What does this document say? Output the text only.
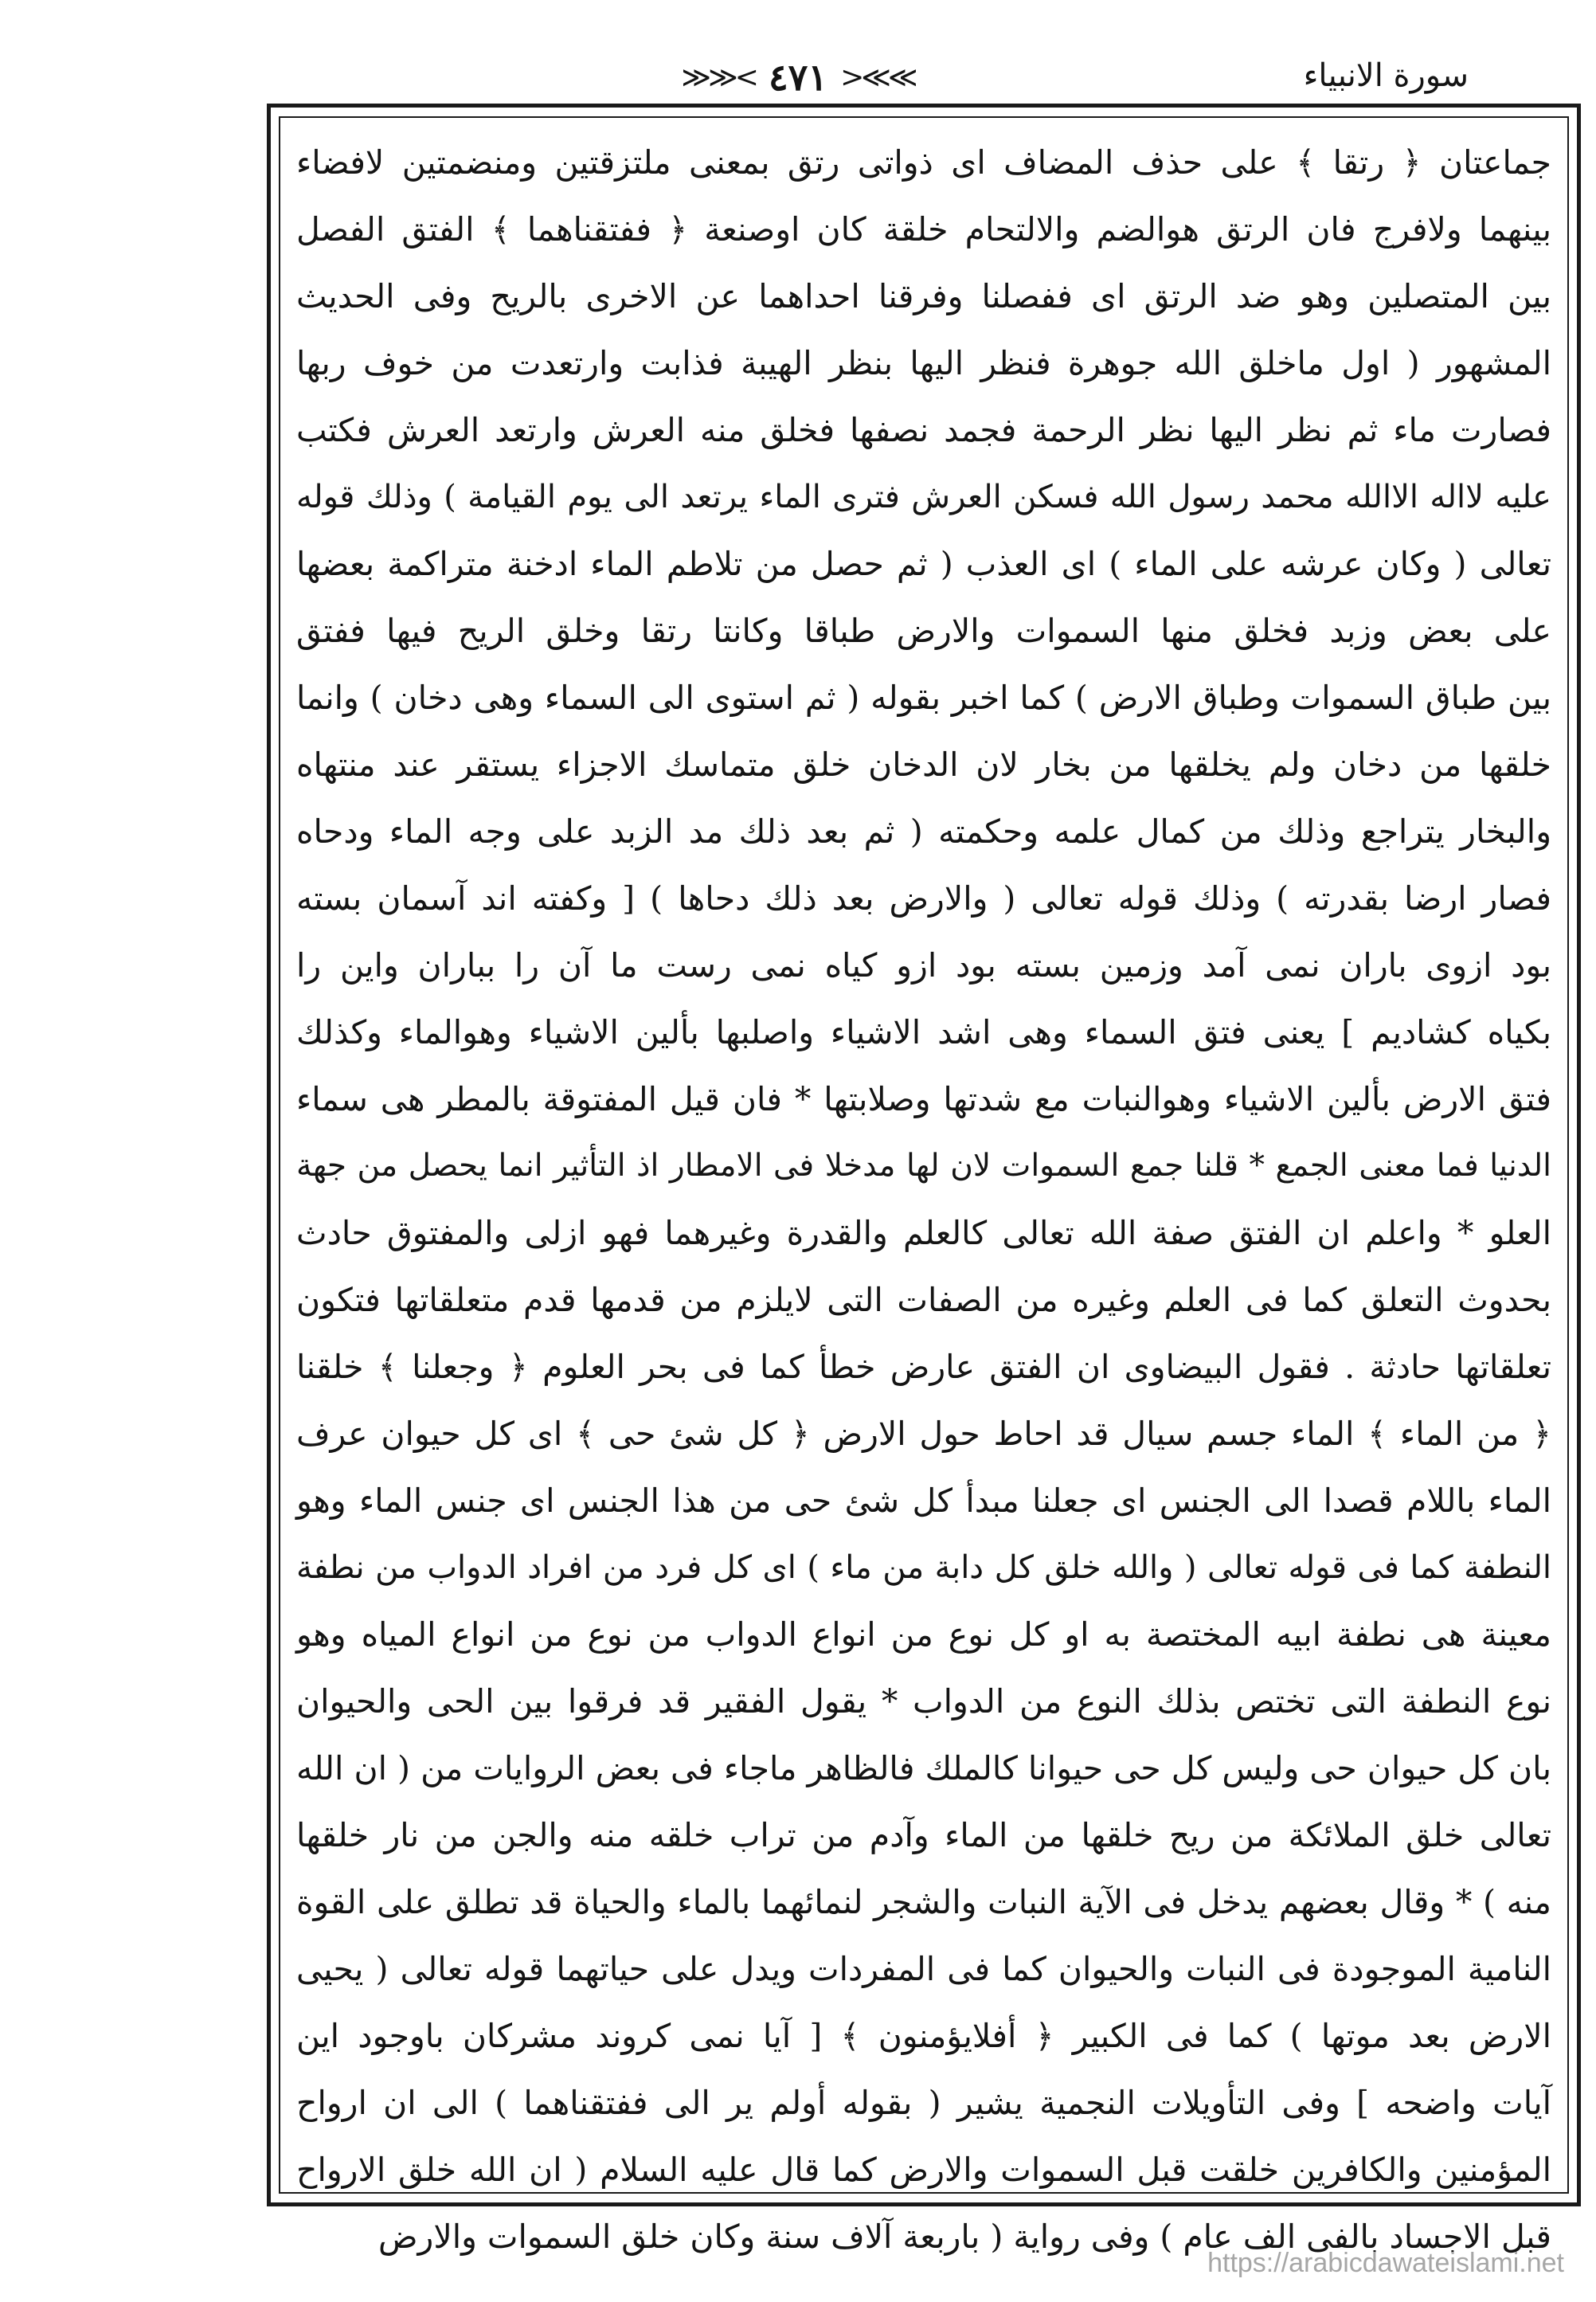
سورة الانبياء
≫≫< ٤٧١ >≪≪
جماعتان ﴿ رتقا ﴾ على حذف المضاف اى ذواتى رتق بمعنى ملتزقتين ومنضمتين لافضاء
بينهما ولافرج فان الرتق هوالضم والالتحام خلقة كان اوصنعة ﴿ ففتقناهما ﴾ الفتق الفصل
بين المتصلين وهو ضد الرتق اى ففصلنا وفرقنا احداهما عن الاخرى بالريح وفى الحديث
المشهور ( اول ماخلق الله جوهرة فنظر اليها بنظر الهيبة فذابت وارتعدت من خوف ربها
فصارت ماء ثم نظر اليها نظر الرحمة فجمد نصفها فخلق منه العرش وارتعد العرش فكتب
عليه لااله الاالله محمد رسول الله فسكن العرش فترى الماء يرتعد الى يوم القيامة ) وذلك قوله
تعالى ( وكان عرشه على الماء ) اى العذب ( ثم حصل من تلاطم الماء ادخنة متراكمة بعضها
على بعض وزبد فخلق منها السموات والارض طباقا وكانتا رتقا وخلق الريح فيها ففتق
بين طباق السموات وطباق الارض ) كما اخبر بقوله ( ثم استوى الى السماء وهى دخان ) وانما
خلقها من دخان ولم يخلقها من بخار لان الدخان خلق متماسك الاجزاء يستقر عند منتهاه
والبخار يتراجع وذلك من كمال علمه وحكمته ( ثم بعد ذلك مد الزبد على وجه الماء ودحاه
فصار ارضا بقدرته ) وذلك قوله تعالى ( والارض بعد ذلك دحاها ) [ وكفته اند آسمان بسته
بود ازوى باران نمى آمد وزمين بسته بود ازو كياه نمى رست ما آن را بباران واين را
بكياه كشاديم ] يعنى فتق السماء وهى اشد الاشياء واصلبها بألين الاشياء وهوالماء وكذلك
فتق الارض بألين الاشياء وهوالنبات مع شدتها وصلابتها * فان قيل المفتوقة بالمطر هى سماء
الدنيا فما معنى الجمع * قلنا جمع السموات لان لها مدخلا فى الامطار اذ التأثير انما يحصل من جهة
العلو * واعلم ان الفتق صفة الله تعالى كالعلم والقدرة وغيرهما فهو ازلى والمفتوق حادث
بحدوث التعلق كما فى العلم وغيره من الصفات التى لايلزم من قدمها قدم متعلقاتها فتكون
تعلقاتها حادثة . فقول البيضاوى ان الفتق عارض خطأ كما فى بحر العلوم ﴿ وجعلنا ﴾ خلقنا
﴿ من الماء ﴾ الماء جسم سيال قد احاط حول الارض ﴿ كل شئ حى ﴾ اى كل حيوان عرف
الماء باللام قصدا الى الجنس اى جعلنا مبدأ كل شئ حى من هذا الجنس اى جنس الماء وهو
النطفة كما فى قوله تعالى ( والله خلق كل دابة من ماء ) اى كل فرد من افراد الدواب من نطفة
معينة هى نطفة ابيه المختصة به او كل نوع من انواع الدواب من نوع من انواع المياه وهو
نوع النطفة التى تختص بذلك النوع من الدواب * يقول الفقير قد فرقوا بين الحى والحيوان
بان كل حيوان حى وليس كل حى حيوانا كالملك فالظاهر ماجاء فى بعض الروايات من ( ان الله
تعالى خلق الملائكة من ريح خلقها من الماء وآدم من تراب خلقه منه والجن من نار خلقها
منه ) * وقال بعضهم يدخل فى الآية النبات والشجر لنمائهما بالماء والحياة قد تطلق على القوة
النامية الموجودة فى النبات والحيوان كما فى المفردات ويدل على حياتهما قوله تعالى ( يحيى
الارض بعد موتها ) كما فى الكبير ﴿ أفلايؤمنون ﴾ [ آيا نمى كروند مشركان باوجود اين
آيات واضحه ] وفى التأويلات النجمية يشير ( بقوله أولم ير الى ففتقناهما ) الى ان ارواح
المؤمنين والكافرين خلقت قبل السموات والارض كما قال عليه السلام ( ان الله خلق الارواح
قبل الاجساد بالفى الف عام ) وفى رواية ( باربعة آلاف سنة وكان خلق السموات والارض
https://arabicdawateislami.net
